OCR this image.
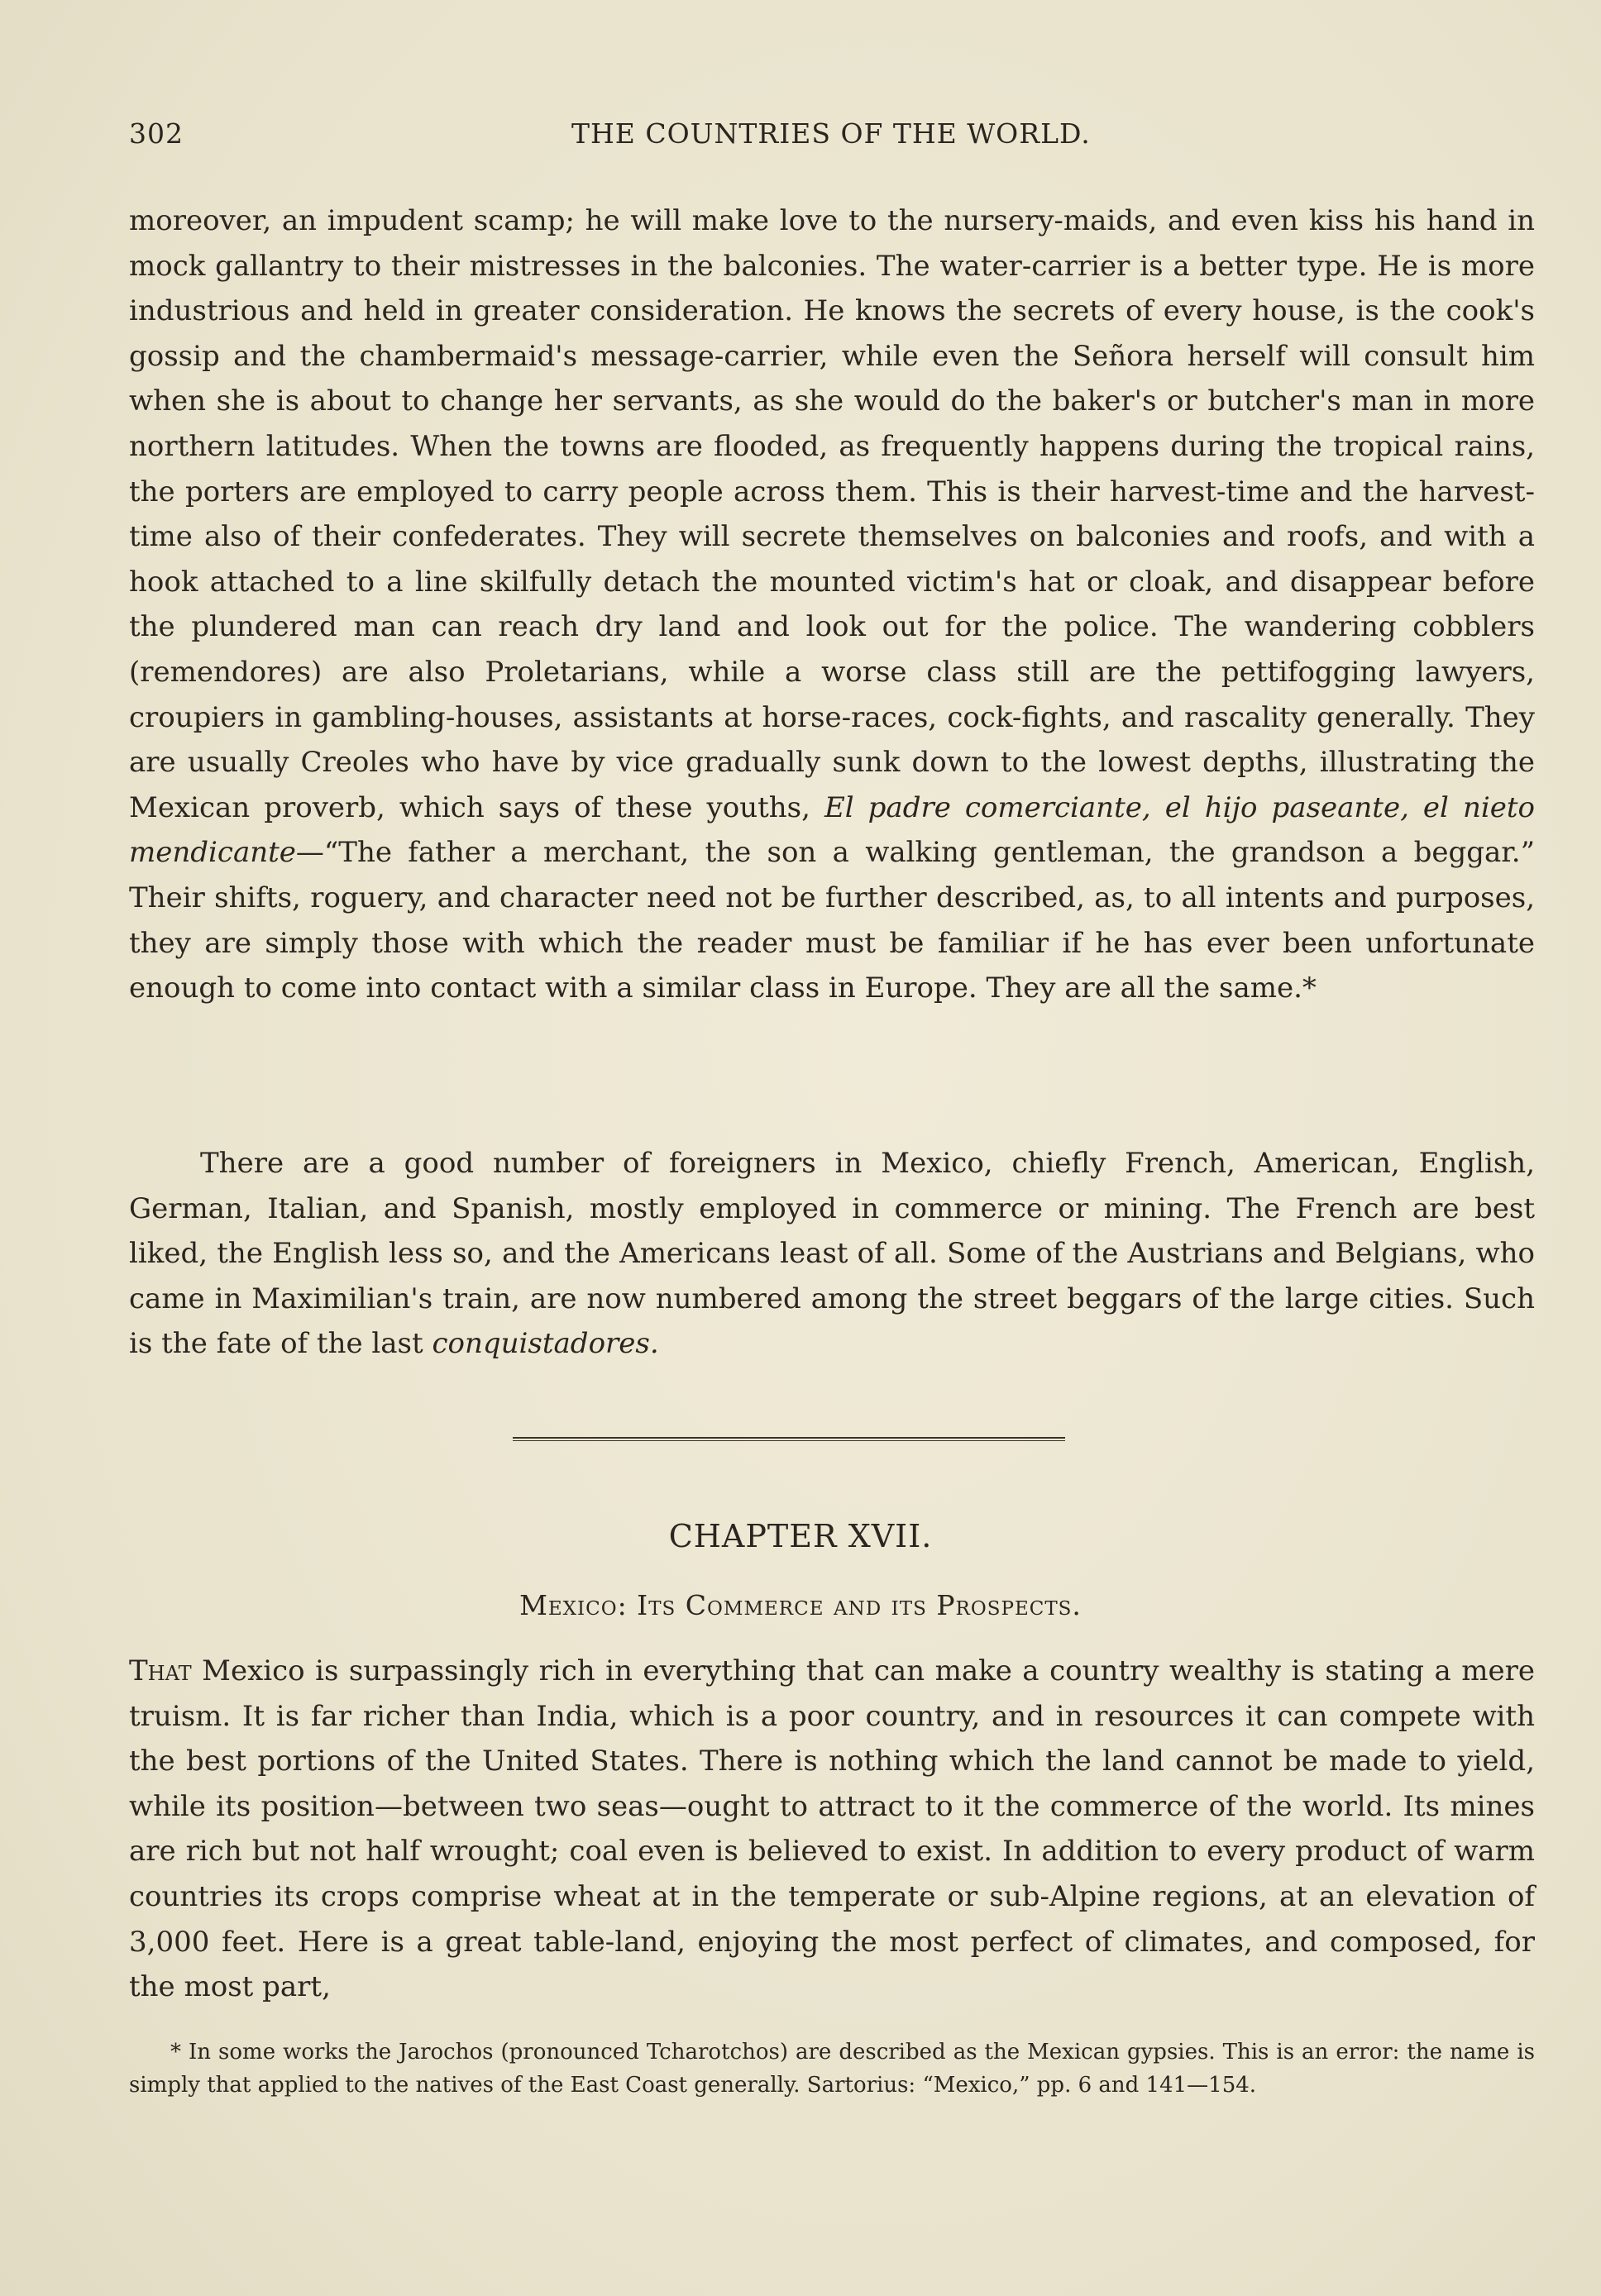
302	THE COUNTRIES OF THE WORLD.

moreover, an impudent scamp; he will make love to the nursery-maids, and even kiss his hand in mock gallantry to their mistresses in the balconies. The water-carrier is a better type. He is more industrious and held in greater consideration. He knows the secrets of every house, is the cook's gossip and the chambermaid's message-carrier, while even the Señora herself will consult him when she is about to change her servants, as she would do the baker's or butcher's man in more northern latitudes. When the towns are flooded, as frequently happens during the tropical rains, the porters are employed to carry people across them. This is their harvest-time and the harvest-time also of their confederates. They will secrete themselves on balconies and roofs, and with a hook attached to a line skilfully detach the mounted victim's hat or cloak, and disappear before the plundered man can reach dry land and look out for the police. The wandering cobblers (remendores) are also Proletarians, while a worse class still are the pettifogging lawyers, croupiers in gambling-houses, assistants at horse-races, cock-fights, and rascality generally. They are usually Creoles who have by vice gradually sunk down to the lowest depths, illustrating the Mexican proverb, which says of these youths, El padre comerciante, el hijo paseante, el nieto mendicante—“The father a merchant, the son a walking gentleman, the grandson a beggar.” Their shifts, roguery, and character need not be further described, as, to all intents and purposes, they are simply those with which the reader must be familiar if he has ever been unfortunate enough to come into contact with a similar class in Europe. They are all the same.*

There are a good number of foreigners in Mexico, chiefly French, American, English, German, Italian, and Spanish, mostly employed in commerce or mining. The French are best liked, the English less so, and the Americans least of all. Some of the Austrians and Belgians, who came in Maximilian's train, are now numbered among the street beggars of the large cities. Such is the fate of the last conquistadores.

CHAPTER XVII.
Mexico: Its Commerce and its Prospects.

That Mexico is surpassingly rich in everything that can make a country wealthy is stating a mere truism. It is far richer than India, which is a poor country, and in resources it can compete with the best portions of the United States. There is nothing which the land cannot be made to yield, while its position—between two seas—ought to attract to it the commerce of the world. Its mines are rich but not half wrought; coal even is believed to exist. In addition to every product of warm countries its crops comprise wheat at in the temperate or sub-Alpine regions, at an elevation of 3,000 feet. Here is a great table-land, enjoying the most perfect of climates, and composed, for the most part,

* In some works the Jarochos (pronounced Tcharotchos) are described as the Mexican gypsies. This is an error: the name is simply that applied to the natives of the East Coast generally. Sartorius: “Mexico,” pp. 6 and 141—154.
